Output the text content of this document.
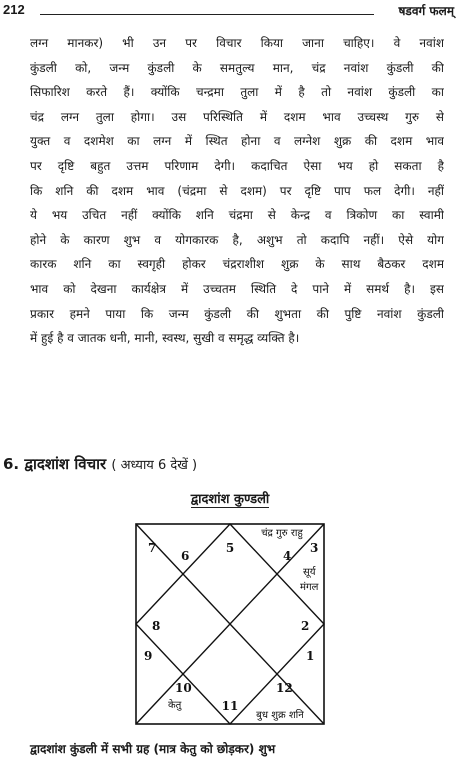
212	षडवर्ग फलम्
लग्न मानकर) भी उन पर विचार किया जाना चाहिए। वे नवांश
कुंडली को, जन्म कुंडली के समतुल्य मान, चंद्र नवांश कुंडली की
सिफारिश करते हैं। क्योंकि चन्द्रमा तुला में है तो नवांश कुंडली का
चंद्र लग्न तुला होगा। उस परिस्थिति में दशम भाव उच्चस्थ गुरु से
युक्त व दशमेश का लग्न में स्थित होना व लग्नेश शुक्र की दशम भाव
पर दृष्टि बहुत उत्तम परिणाम देगी। कदाचित ऐसा भय हो सकता है
कि शनि की दशम भाव (चंद्रमा से दशम) पर दृष्टि पाप फल देगी। नहीं
ये भय उचित नहीं क्योंकि शनि चंद्रमा से केन्द्र व त्रिकोण का स्वामी
होने के कारण शुभ व योगकारक है, अशुभ तो कदापि नहीं। ऐसे योग
कारक शनि का स्वगृही होकर चंद्रराशीश शुक्र के साथ बैठकर दशम
भाव को देखना कार्यक्षेत्र में उच्चतम स्थिति दे पाने में समर्थ है। इस
प्रकार हमने पाया कि जन्म कुंडली की शुभता की पुष्टि नवांश कुंडली
में हुई है व जातक धनी, मानी, स्वस्थ, सुखी व समृद्ध व्यक्ति है।
6. द्वादशांश विचार ( अध्याय 6 देखें )
द्वादशांश कुण्डली
7
6
5
4
3
8	2
9	1
10
11
12
चंद्र गुरु राहु
सूर्य
मंगल
केतु
बुध शुक्र शनि
द्वादशांश कुंडली में सभी ग्रह (मात्र केतु को छोड़कर) शुभ
